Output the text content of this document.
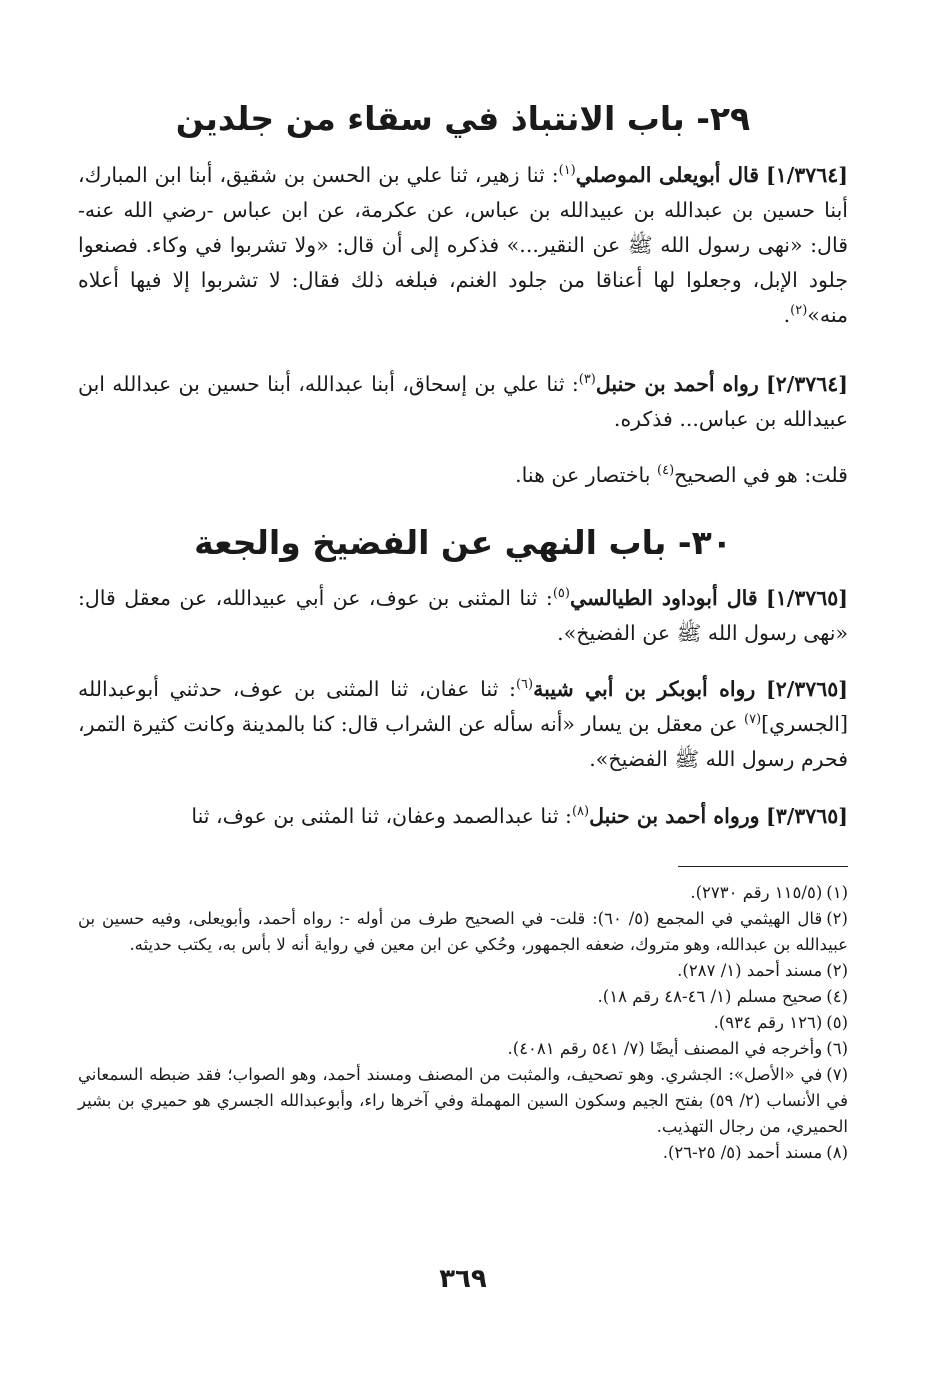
٢٩- باب الانتباذ في سقاء من جلدين

[١/٣٧٦٤] قال أبويعلى الموصلي$^{(١)}$: ثنا زهير، ثنا علي بن الحسن بن شقيق، أبنا ابن المبارك، أبنا حسين بن عبدالله بن عبيدالله بن عباس، عن عكرمة، عن ابن عباس -رضي الله عنه- قال: «نهى رسول الله ﷺ عن النقير...» فذكره إلى أن قال: «ولا تشربوا في وكاء. فصنعوا جلود الإبل، وجعلوا لها أعناقا من جلود الغنم، فبلغه ذلك فقال: لا تشربوا إلا فيها أعلاه منه»$^{(٢)}$.

[٢/٣٧٦٤] رواه أحمد بن حنبل$^{(٣)}$: ثنا علي بن إسحاق، أبنا عبدالله، أبنا حسين بن عبدالله ابن عبيدالله بن عباس... فذكره.

قلت: هو في الصحيح$^{(٤)}$ باختصار عن هنا.

٣٠- باب النهي عن الفضيخ والجعة

[١/٣٧٦٥] قال أبوداود الطيالسي$^{(٥)}$: ثنا المثنى بن عوف، عن أبي عبيدالله، عن معقل قال: «نهى رسول الله ﷺ عن الفضيخ».

[٢/٣٧٦٥] رواه أبوبكر بن أبي شيبة$^{(٦)}$: ثنا عفان، ثنا المثنى بن عوف، حدثني أبوعبدالله [الجسري]$^{(٧)}$ عن معقل بن يسار «أنه سأله عن الشراب قال: كنا بالمدينة وكانت كثيرة التمر، فحرم رسول الله ﷺ الفضيخ».

[٣/٣٧٦٥] ورواه أحمد بن حنبل$^{(٨)}$: ثنا عبدالصمد وعفان، ثنا المثنى بن عوف، ثنا

(١)(١١٥/٥ رقم ٢٧٣٠).
(٢)قال الهيثمي في المجمع (٥/ ٦٠): قلت- في الصحيح طرف من أوله -: رواه أحمد، وأبويعلى، وفيه حسين بن عبيدالله بن عبدالله، وهو متروك، ضعفه الجمهور، وحُكي عن ابن معين في رواية أنه لا بأس به، يكتب حديثه.
(٢)مسند أحمد (١/ ٢٨٧).
(٤)صحيح مسلم (١/ ٤٦-٤٨ رقم ١٨).
(٥)(١٢٦ رقم ٩٣٤).
(٦)وأخرجه في المصنف أيضًا (٧/ ٥٤١ رقم ٤٠٨١).
(٧)في «الأصل»: الجشري. وهو تصحيف، والمثبت من المصنف ومسند أحمد، وهو الصواب؛ فقد ضبطه السمعاني في الأنساب (٢/ ٥٩) بفتح الجيم وسكون السين المهملة وفي آخرها راء، وأبوعبدالله الجسري هو حميري بن بشير الحميري، من رجال التهذيب.
(٨)مسند أحمد (٥/ ٢٥-٢٦).
٣٦٩
